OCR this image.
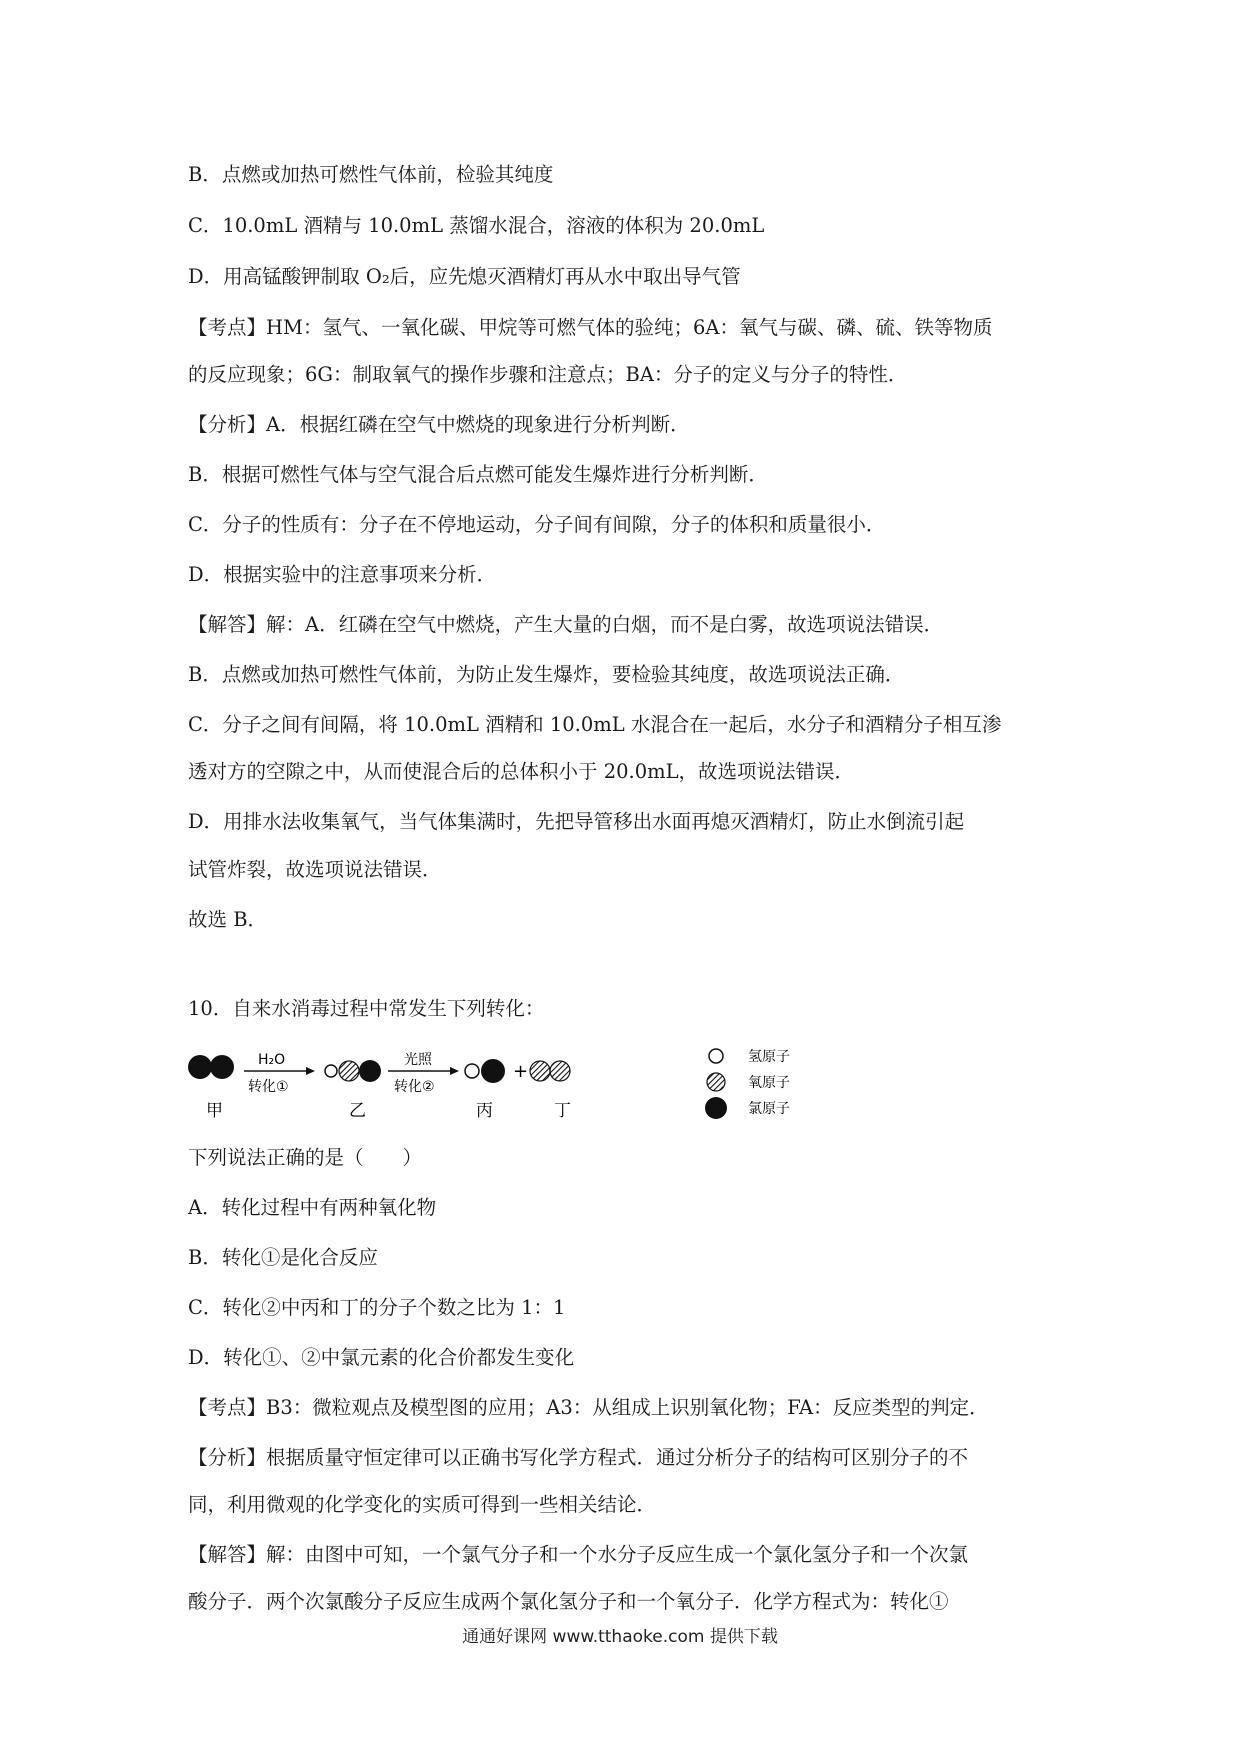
B．点燃或加热可燃性气体前，检验其纯度
C．10.0mL 酒精与 10.0mL 蒸馏水混合，溶液的体积为 20.0mL
D．用高锰酸钾制取 O₂后，应先熄灭酒精灯再从水中取出导气管
【考点】HM：氢气、一氧化碳、甲烷等可燃气体的验纯；6A：氧气与碳、磷、硫、铁等物质
的反应现象；6G：制取氧气的操作步骤和注意点；BA：分子的定义与分子的特性．
【分析】A．根据红磷在空气中燃烧的现象进行分析判断．
B．根据可燃性气体与空气混合后点燃可能发生爆炸进行分析判断．
C．分子的性质有：分子在不停地运动，分子间有间隙，分子的体积和质量很小．
D．根据实验中的注意事项来分析．
【解答】解：A．红磷在空气中燃烧，产生大量的白烟，而不是白雾，故选项说法错误．
B．点燃或加热可燃性气体前，为防止发生爆炸，要检验其纯度，故选项说法正确．
C．分子之间有间隔，将 10.0mL 酒精和 10.0mL 水混合在一起后，水分子和酒精分子相互渗
透对方的空隙之中，从而使混合后的总体积小于 20.0mL，故选项说法错误．
D．用排水法收集氧气，当气体集满时，先把导管移出水面再熄灭酒精灯，防止水倒流引起
试管炸裂，故选项说法错误．
故选 B．
10．自来水消毒过程中常发生下列转化：
下列说法正确的是（　　）
A．转化过程中有两种氧化物
B．转化①是化合反应
C．转化②中丙和丁的分子个数之比为 1：1
D．转化①、②中氯元素的化合价都发生变化
【考点】B3：微粒观点及模型图的应用；A3：从组成上识别氧化物；FA：反应类型的判定．
【分析】根据质量守恒定律可以正确书写化学方程式．通过分析分子的结构可区别分子的不
同，利用微观的化学变化的实质可得到一些相关结论．
【解答】解：由图中可知，一个氯气分子和一个水分子反应生成一个氯化氢分子和一个次氯
酸分子．两个次氯酸分子反应生成两个氯化氢分子和一个氧分子．化学方程式为：转化①
甲
H₂O
转化①
乙
光照
转化②
丙
+
丁
氢原子
氧原子
氯原子
通通好课网 www.tthaoke.com 提供下载
